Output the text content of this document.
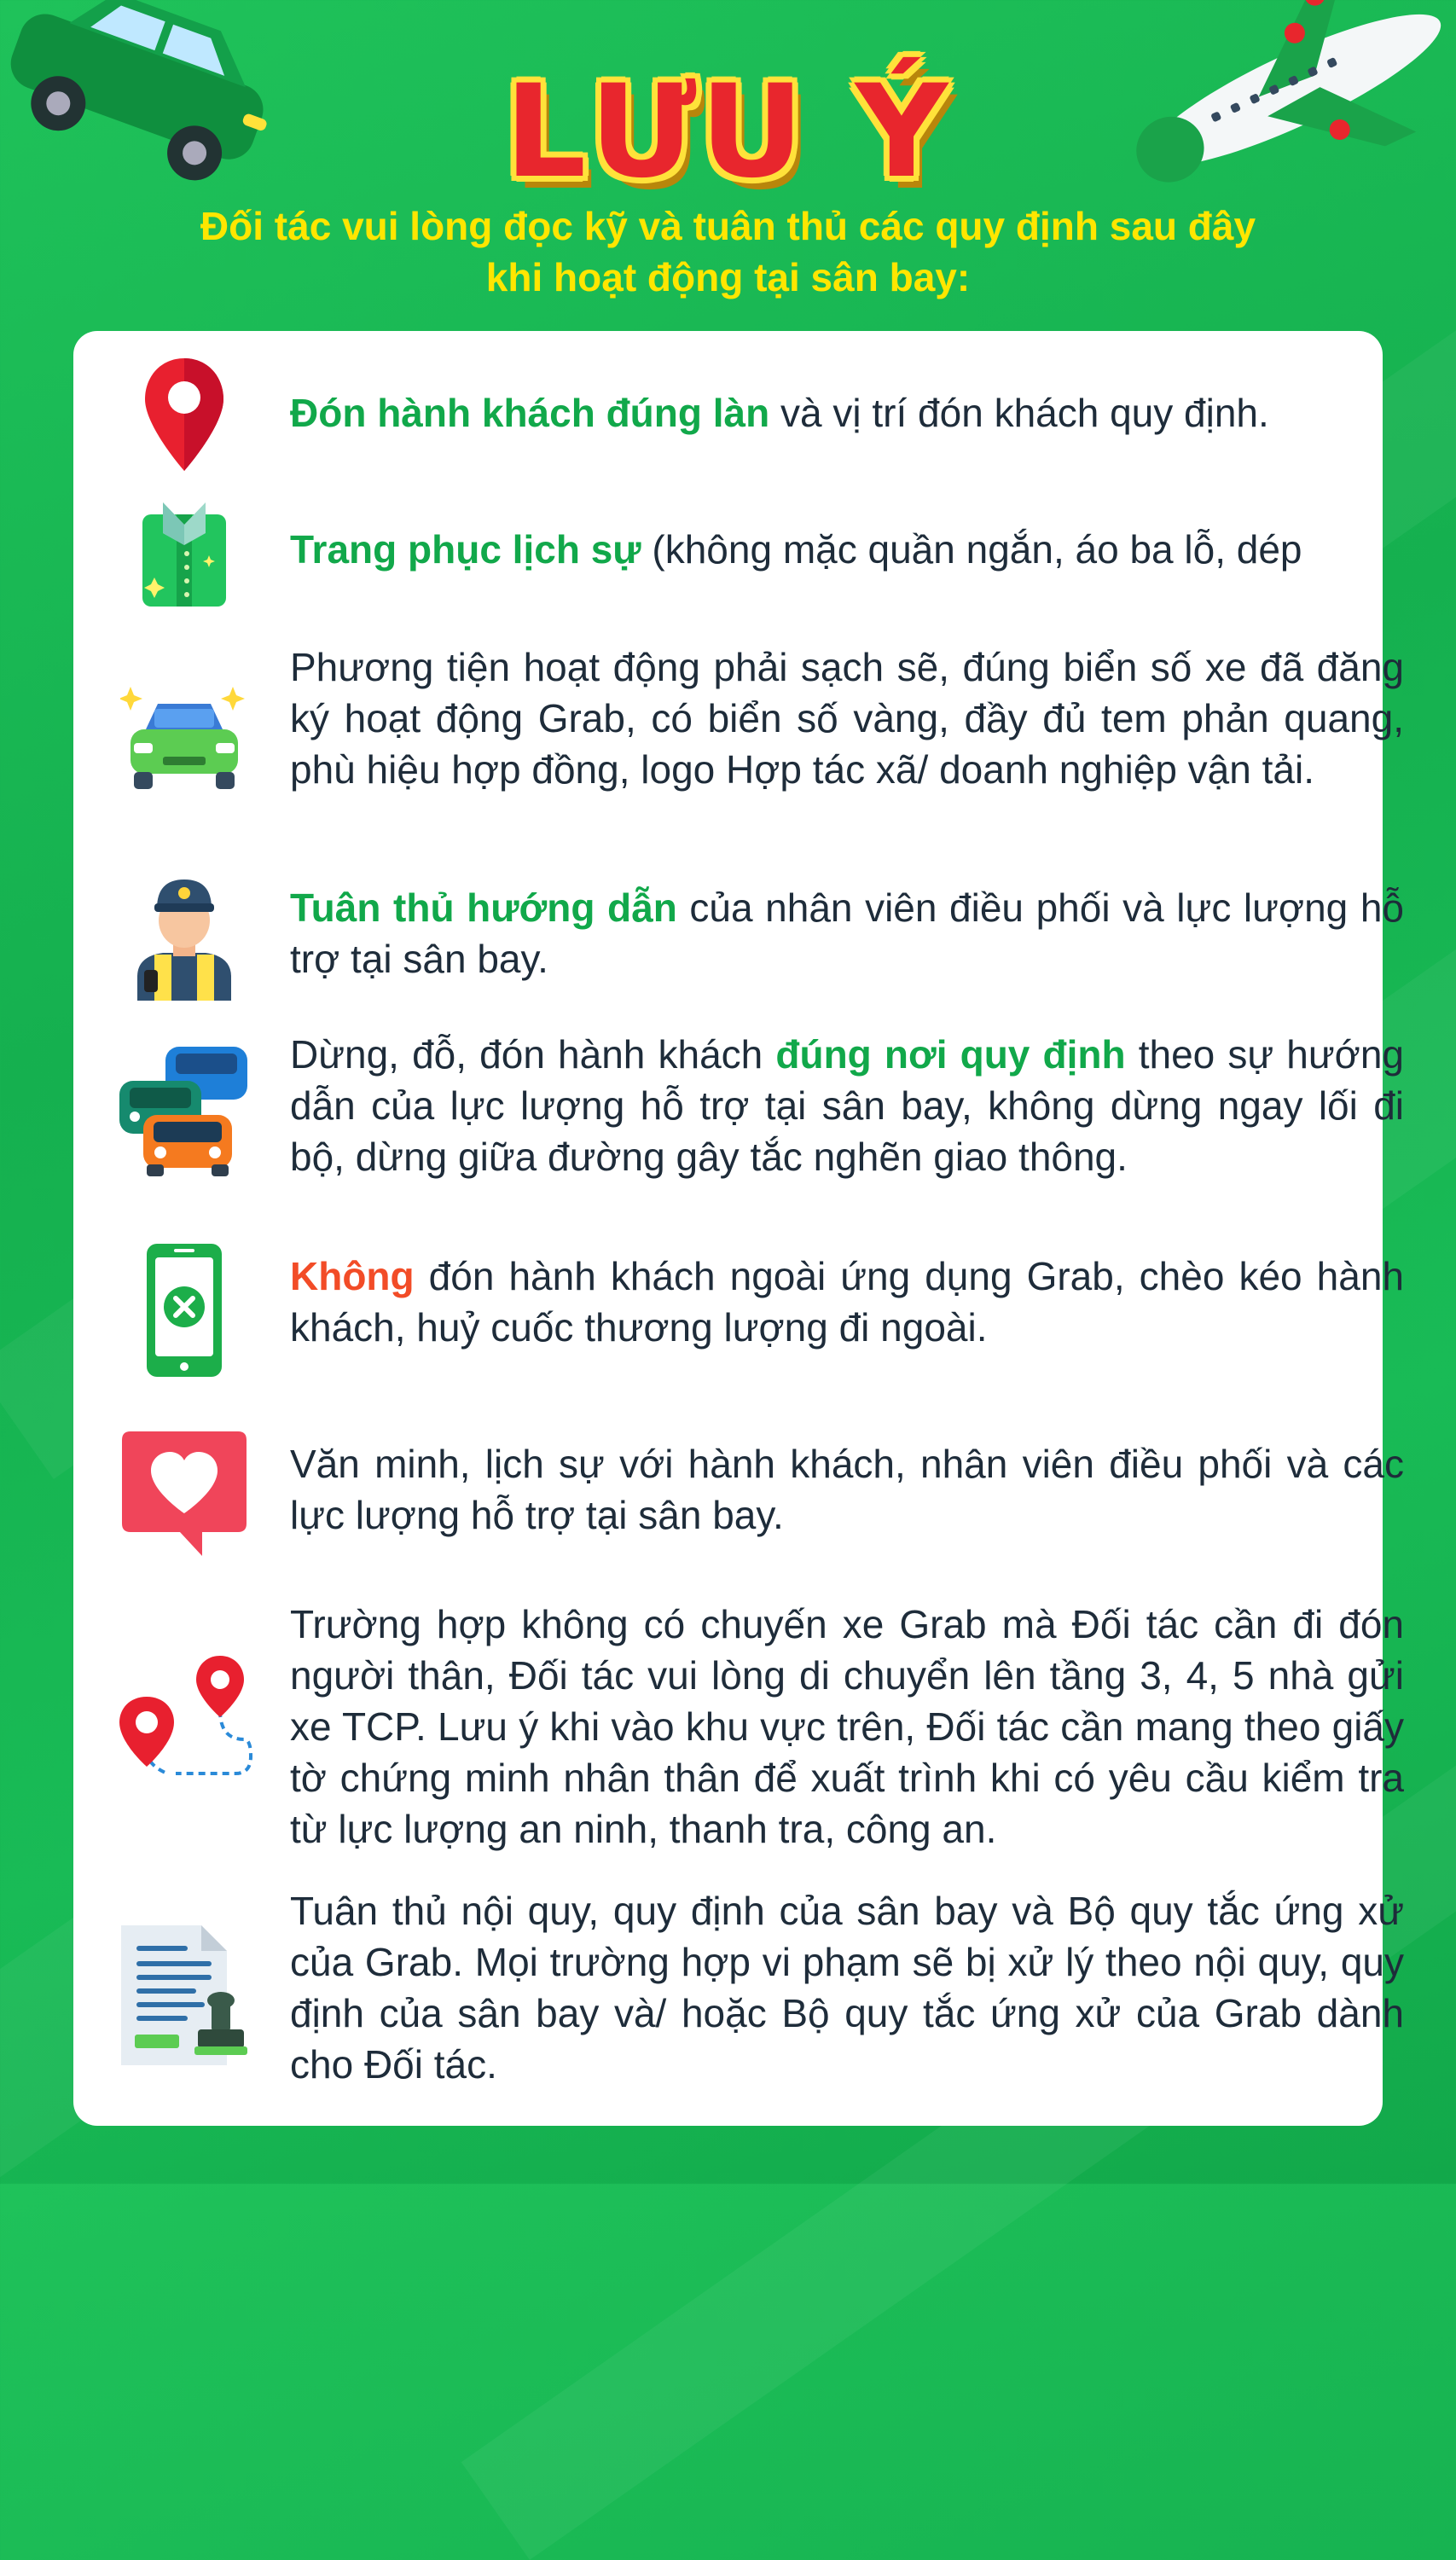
LƯU Ý
Đối tác vui lòng đọc kỹ và tuân thủ các quy định sau đây
khi hoạt động tại sân bay:
Đón hành khách đúng làn và vị trí đón khách quy định.
Trang phục lịch sự (không mặc quần ngắn, áo ba lỗ, dép
Phương tiện hoạt động phải sạch sẽ, đúng biển số xe đã đăng ký hoạt động Grab, có biển số vàng, đầy đủ tem phản quang, phù hiệu hợp đồng, logo Hợp tác xã/ doanh nghiệp vận tải.
Tuân thủ hướng dẫn của nhân viên điều phối và lực lượng hỗ trợ tại sân bay.
Dừng, đỗ, đón hành khách đúng nơi quy định theo sự hướng dẫn của lực lượng hỗ trợ tại sân bay, không dừng ngay lối đi bộ, dừng giữa đường gây tắc nghẽn giao thông.
Không đón hành khách ngoài ứng dụng Grab, chèo kéo hành khách, huỷ cuốc thương lượng đi ngoài.
Văn minh, lịch sự với hành khách, nhân viên điều phối và các lực lượng hỗ trợ tại sân bay.
Trường hợp không có chuyến xe Grab mà Đối tác cần đi đón người thân, Đối tác vui lòng di chuyển lên tầng 3, 4, 5 nhà gửi xe TCP. Lưu ý khi vào khu vực trên, Đối tác cần mang theo giấy tờ chứng minh nhân thân để xuất trình khi có yêu cầu kiểm tra từ lực lượng an ninh, thanh tra, công an.
Tuân thủ nội quy, quy định của sân bay và Bộ quy tắc ứng xử của Grab. Mọi trường hợp vi phạm sẽ bị xử lý theo nội quy, quy định của sân bay và/ hoặc Bộ quy tắc ứng xử của Grab dành cho Đối tác.
